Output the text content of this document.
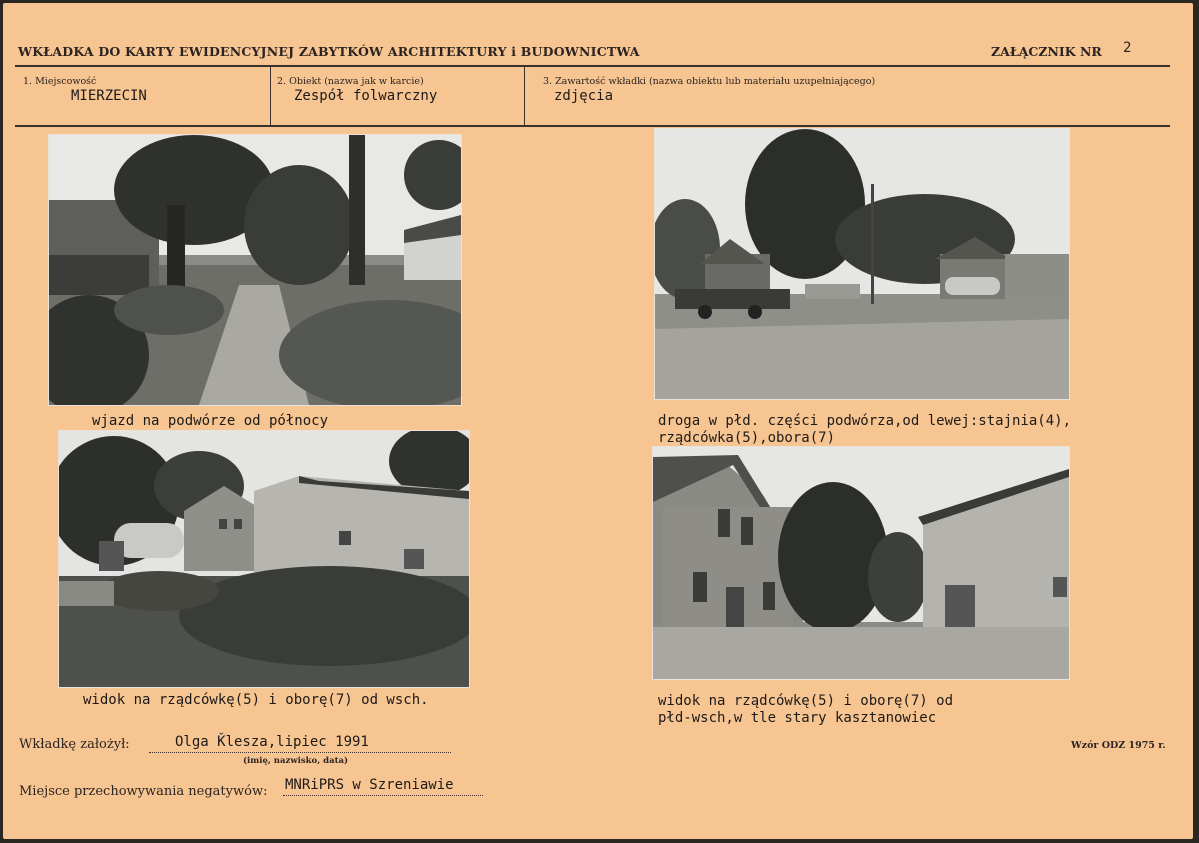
WKŁADKA DO KARTY EWIDENCYJNEJ ZABYTKÓW ARCHITEKTURY i BUDOWNICTWA	ZAŁĄCZNIK NR 2
1. Miejscowość
MIERZECIN
2. Obiekt (nazwa jak w karcie)
Zespół folwarczny
3. Zawartość wkładki (nazwa obiektu lub materiału uzupełniającego)
zdjęcia
wjazd na podwórze od północy	droga w płd. części podwórza,od lewej:stajnia(4),
rządcówka(5),obora(7)
widok na rządcówkę(5) i oborę(7) od wsch.	widok na rządcówkę(5) i oborę(7) od
płd-wsch,w tle stary kasztanowiec
Wkładkę założył:	Olga Ǩlesza,lipiec 1991
(imię, nazwisko, data)
Miejsce przechowywania negatywów: MNRiPRS w Szreniawie
Wzór ODZ 1975 r.
